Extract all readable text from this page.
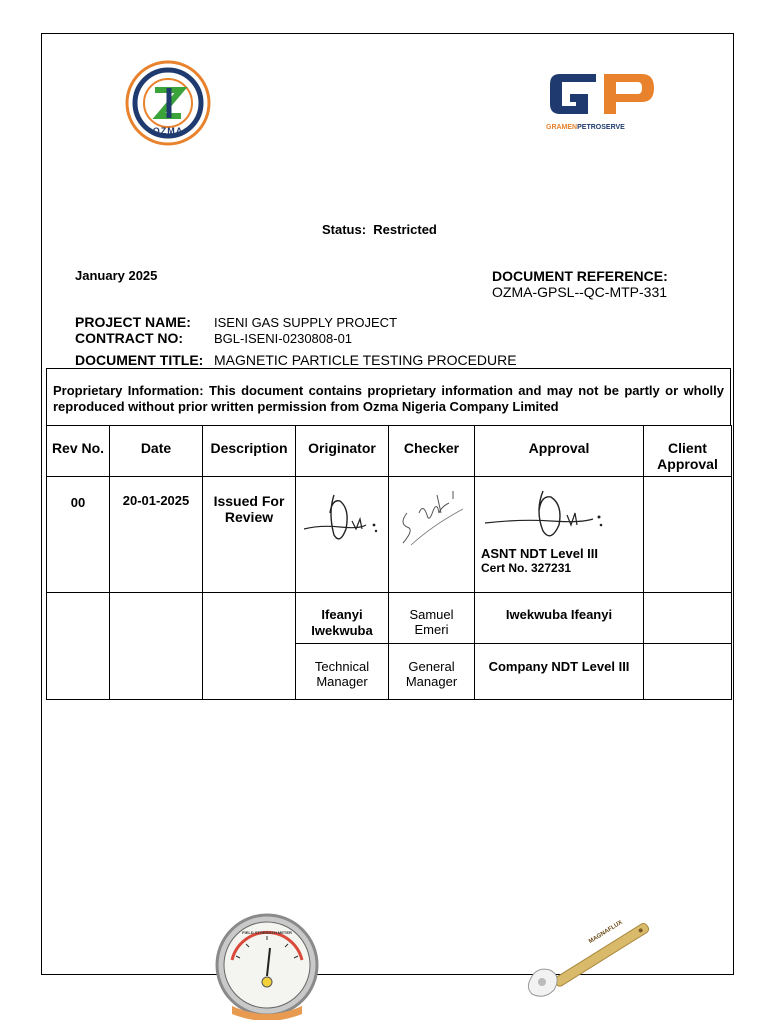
OZMA	GRAMENPETROSERVE
Status: Restricted
January 2025	DOCUMENT REFERENCE:
OZMA-GPSL--QC-MTP-331
PROJECT NAME: ISENI GAS SUPPLY PROJECT
CONTRACT NO: BGL-ISENI-0230808-01
DOCUMENT TITLE: MAGNETIC PARTICLE TESTING PROCEDURE
Proprietary Information: This document contains proprietary information and may not be partly or wholly reproduced without prior written permission from Ozma Nigeria Company Limited
Rev No.	Date	Description	Originator	Checker	Approval	Client Approval
00	20-01-2025	Issued For Review			ASNT NDT Level III
Cert No. 327231	

			Ifeanyi Iwekwuba	Samuel Emeri	Iwekwuba Ifeanyi	
			Technical Manager	General Manager	Company NDT Level III	
FIELD STRENGTH METER	MAGNAFLUX
